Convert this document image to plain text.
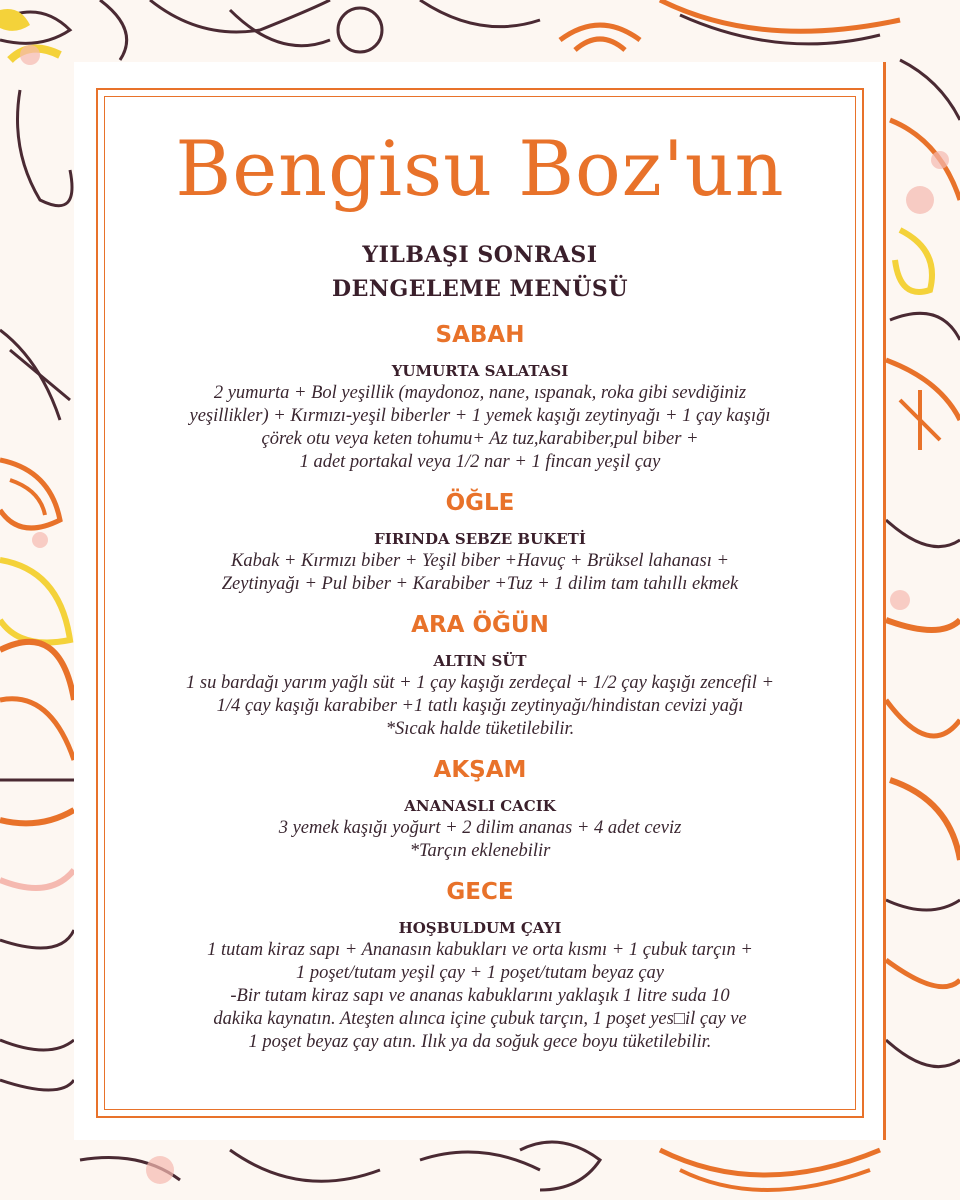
Bengisu Boz'un
YILBAŞI SONRASI
DENGELEME MENÜSÜ
SABAH
YUMURTA SALATASI
2 yumurta + Bol yeşillik (maydonoz, nane, ıspanak, roka gibi sevdiğiniz
yeşillikler) + Kırmızı-yeşil biberler + 1 yemek kaşığı zeytinyağı + 1 çay kaşığı
çörek otu veya keten tohumu+ Az tuz,karabiber,pul biber +
1 adet portakal veya 1/2 nar + 1 fincan yeşil çay
ÖĞLE
FIRINDA SEBZE BUKETİ
Kabak + Kırmızı biber + Yeşil biber +Havuç + Brüksel lahanası +
Zeytinyağı + Pul biber + Karabiber +Tuz + 1 dilim tam tahıllı ekmek
ARA ÖĞÜN
ALTIN SÜT
1 su bardağı yarım yağlı süt + 1 çay kaşığı zerdeçal + 1/2 çay kaşığı zencefil +
1/4 çay kaşığı karabiber +1 tatlı kaşığı zeytinyağı/hindistan cevizi yağı
*Sıcak halde tüketilebilir.
AKŞAM
ANANASLI CACIK
3 yemek kaşığı yoğurt + 2 dilim ananas + 4 adet ceviz
*Tarçın eklenebilir
GECE
HOŞBULDUM ÇAYI
1 tutam kiraz sapı + Ananasın kabukları ve orta kısmı + 1 çubuk tarçın +
1 poşet/tutam yeşil çay + 1 poşet/tutam beyaz çay
-Bir tutam kiraz sapı ve ananas kabuklarını yaklaşık 1 litre suda 10
dakika kaynatın. Ateşten alınca içine çubuk tarçın, 1 poşet yes□il çay ve
1 poşet beyaz çay atın. Ilık ya da soğuk gece boyu tüketilebilir.
